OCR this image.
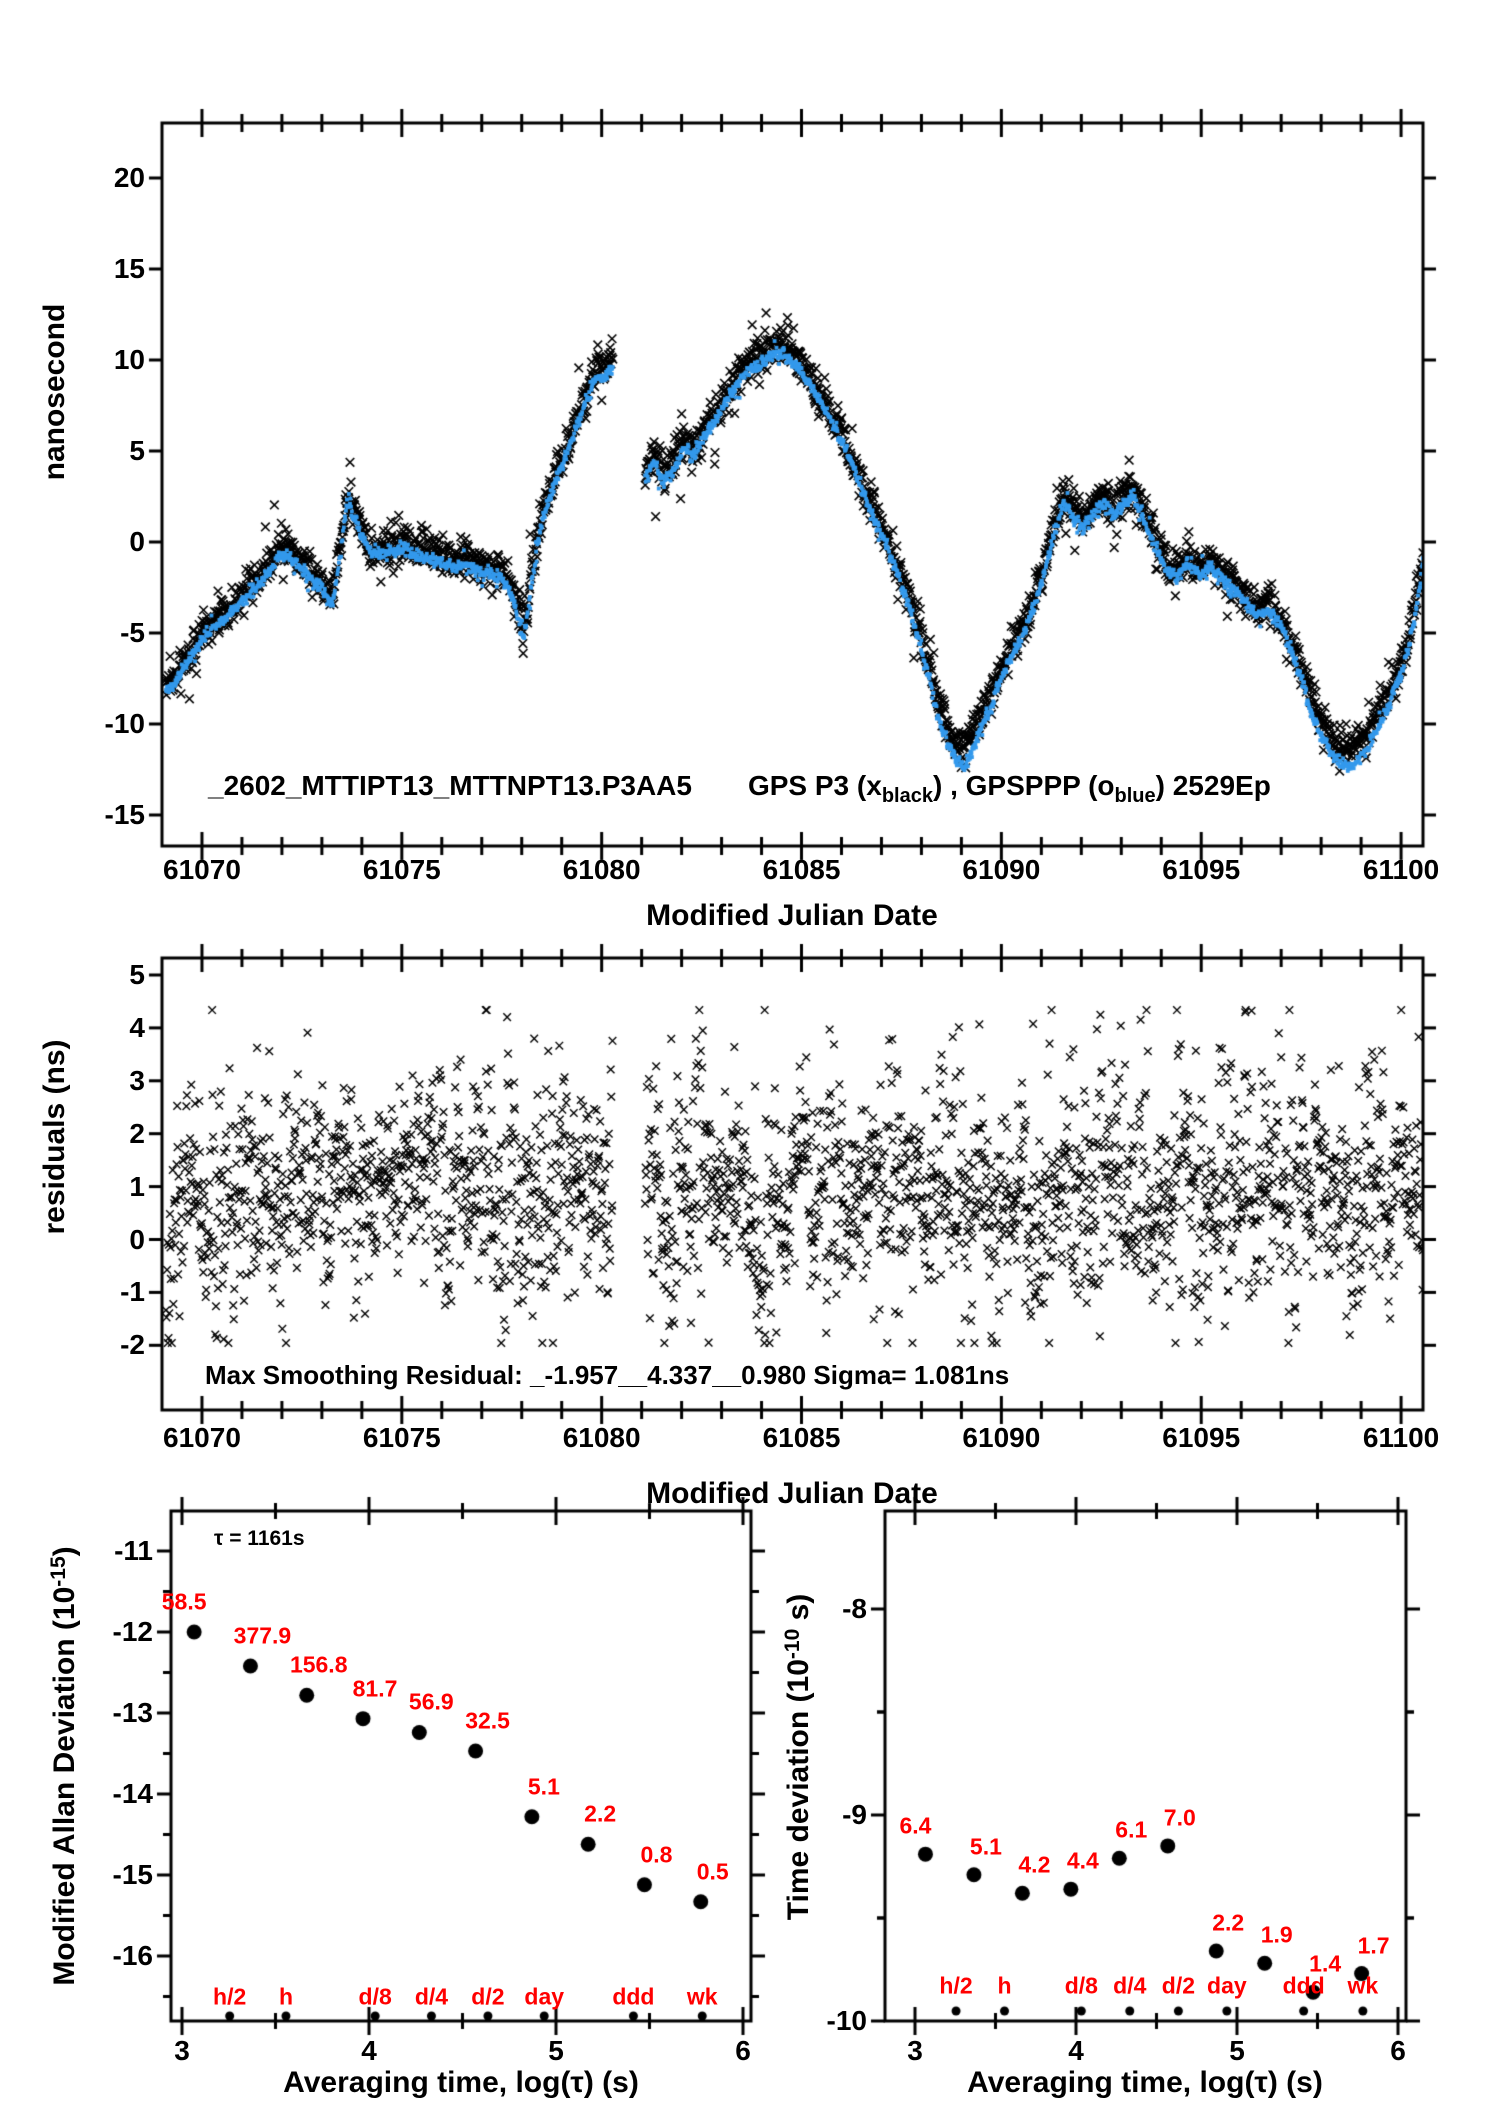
nanosecond
Modified Julian Date
_2602_MTTIPT13_MTTNPT13.P3AA5 GPS P3 $(x_{black})$ , GPSPPP $(o_{blue})$ 2529Ep
residuals (ns)
Modified Julian Date
Max Smoothing Residual: _-1.957__4.337__0.980 Sigma= 1.081ns
Modified Allan Deviation $(10^{-15})$
Averaging time, log(τ) (s)
τ = 1161s
Time deviation ($10^{-10}$ s)
Averaging time, log(τ) (s)
61070	61075	61080	61085	61090	61095	61100
20
15
10
5
0
-5
-10
-15
61070	61075	61080	61085	61090	61095	61100
5
4
3
2
1
0
-1
-2
3	4	5	6
-11
-12
-13
-14
-15
-16
3	4	5	6
-8
-9
-10
58.5
377.9
156.8
81.7
56.9
32.5
5.1
2.2
0.8
0.5
h/2 h	d/8 d/4 d/2 day ddd wk
6.4
5.1
4.2 4.4
6.1 7.0
2.2 1.9
1.4
1.7
h/2 h d/8 d/4 d/2 day ddd wk
